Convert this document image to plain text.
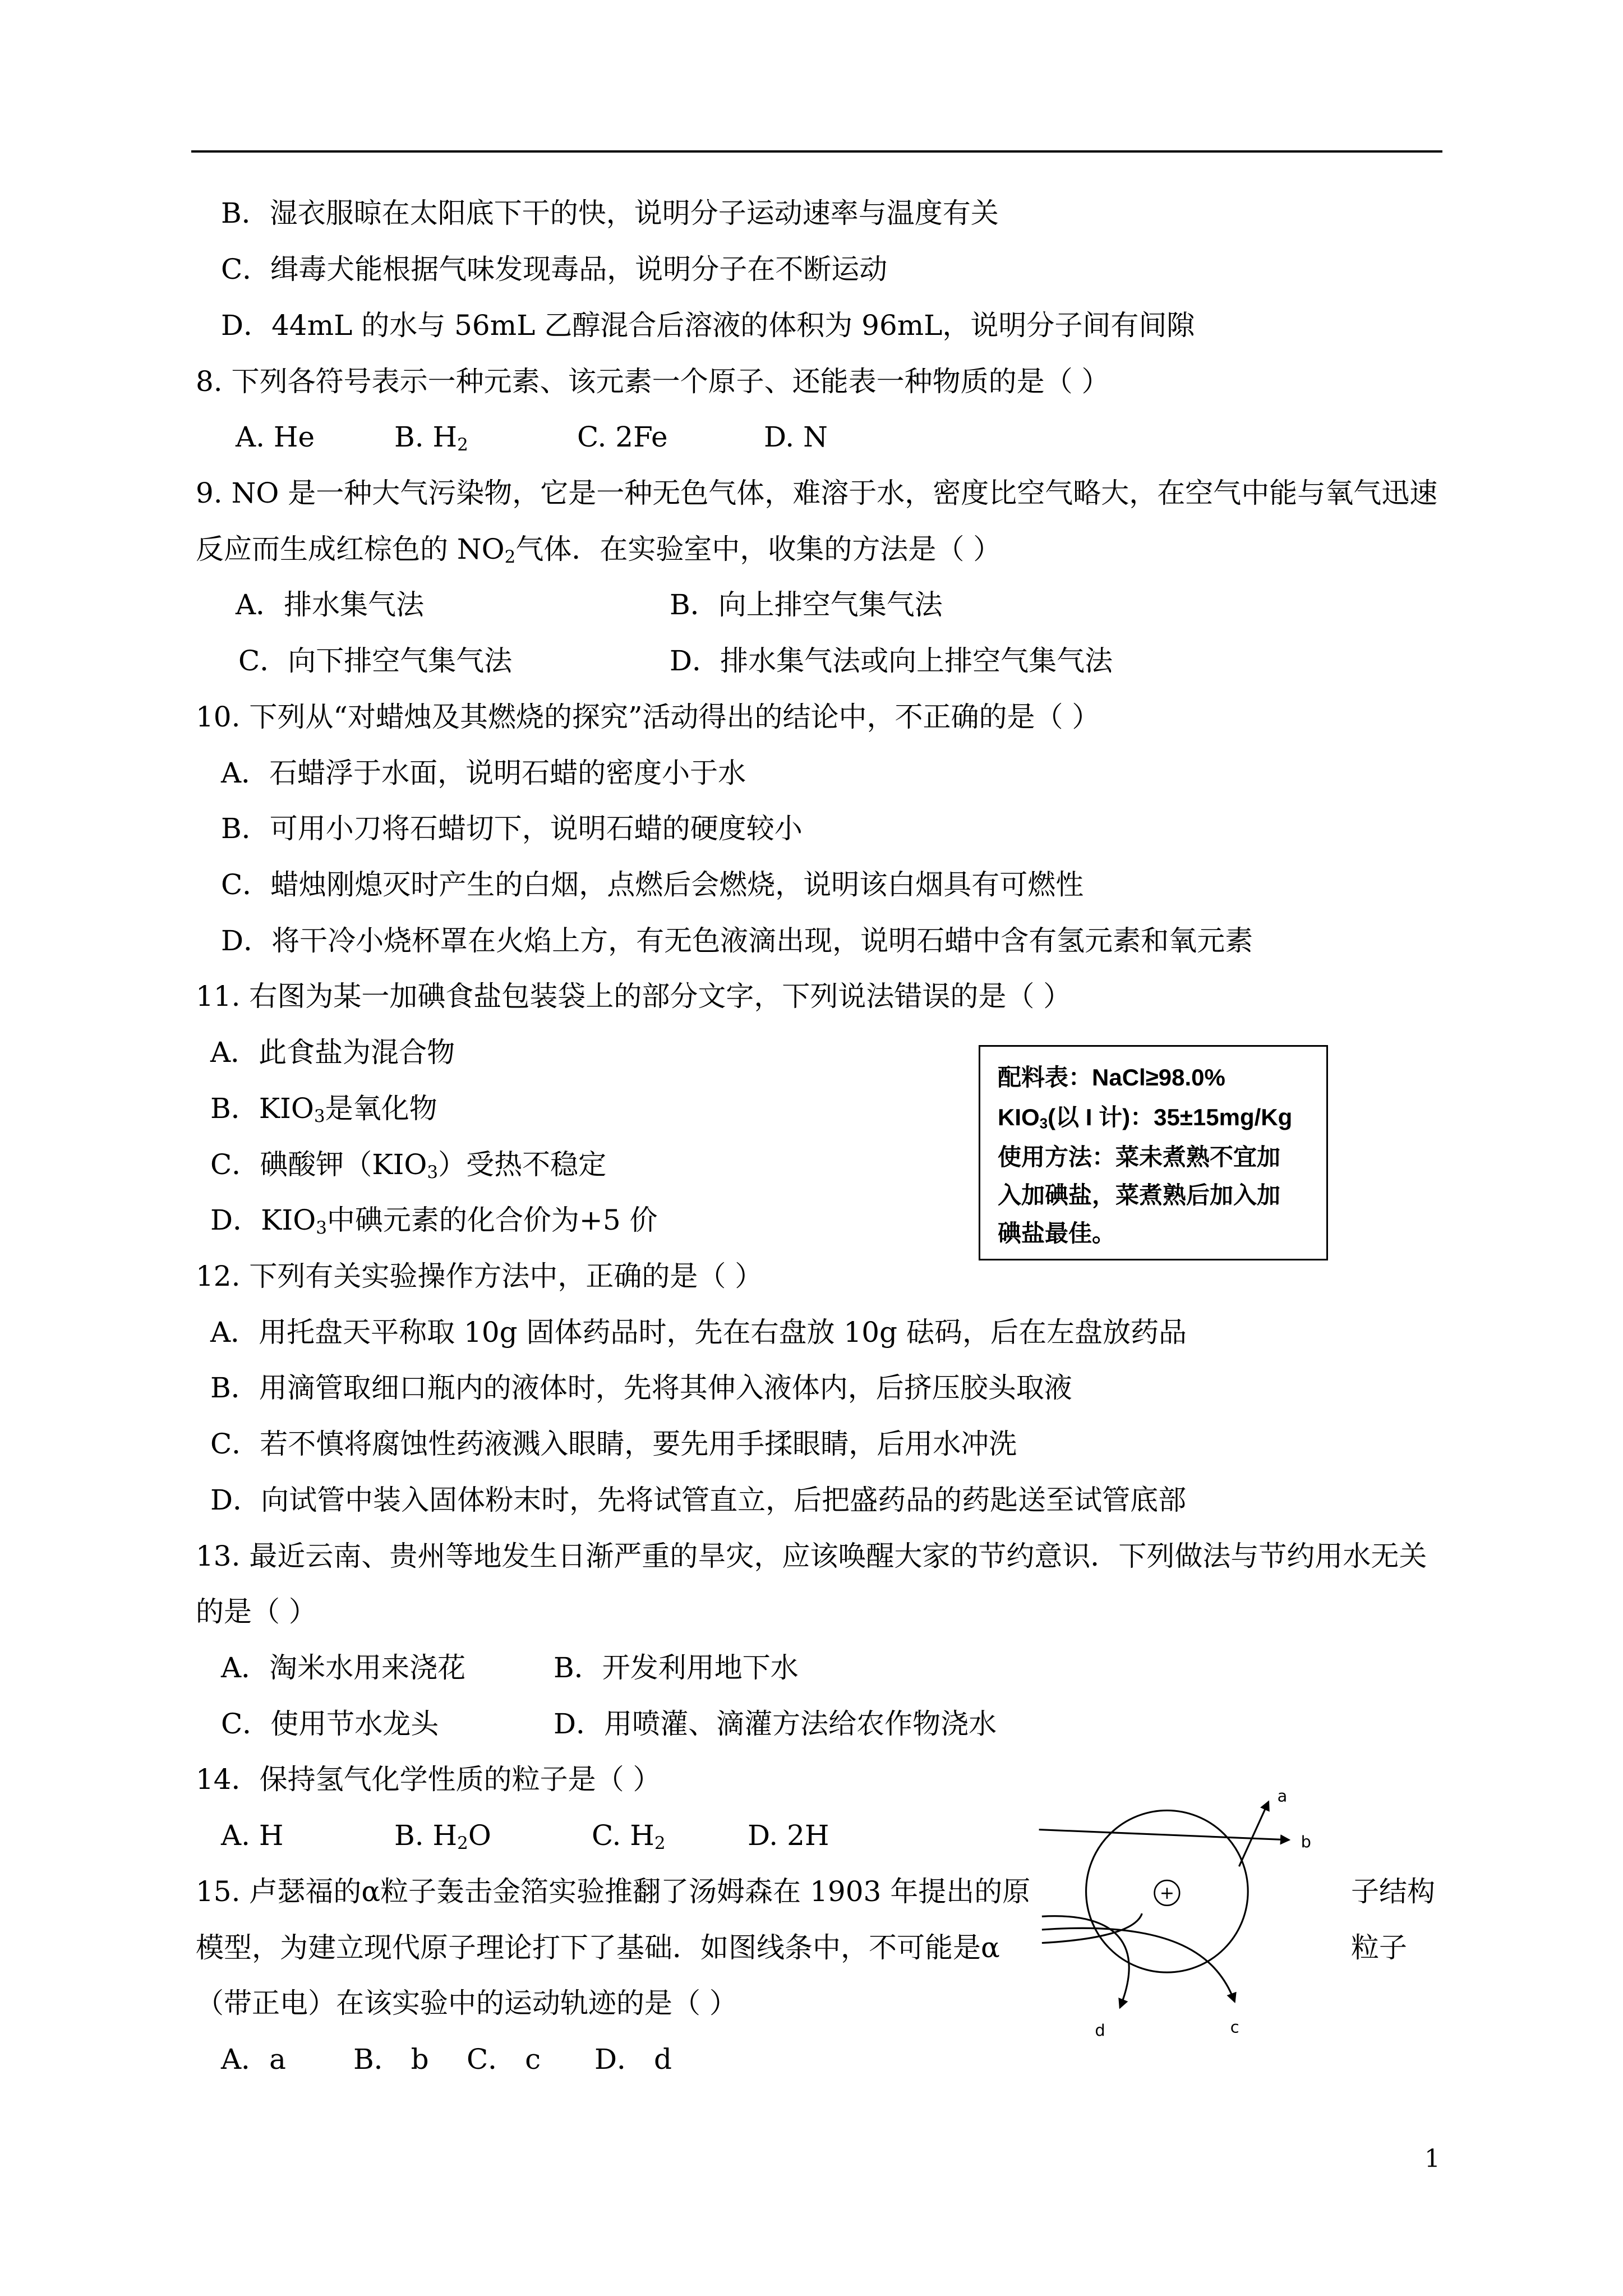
B．湿衣服晾在太阳底下干的快，说明分子运动速率与温度有关
C．缉毒犬能根据气味发现毒品，说明分子在不断运动
D．44mL 的水与 56mL 乙醇混合后溶液的体积为 96mL，说明分子间有间隙
8. 下列各符号表示一种元素、该元素一个原子、还能表一种物质的是（ ）
A. He	B. $H_2$	C. 2Fe	D. N
9. NO 是一种大气污染物，它是一种无色气体，难溶于水，密度比空气略大，在空气中能与氧气迅速
反应而生成红棕色的 $NO_2$气体．在实验室中，收集的方法是（ ）
A．排水集气法	B．向上排空气集气法
C．向下排空气集气法	D．排水集气法或向上排空气集气法
10. 下列从“对蜡烛及其燃烧的探究”活动得出的结论中，不正确的是（ ）
A．石蜡浮于水面，说明石蜡的密度小于水
B．可用小刀将石蜡切下，说明石蜡的硬度较小
C．蜡烛刚熄灭时产生的白烟，点燃后会燃烧，说明该白烟具有可燃性
D．将干冷小烧杯罩在火焰上方，有无色液滴出现，说明石蜡中含有氢元素和氧元素
11. 右图为某一加碘食盐包装袋上的部分文字，下列说法错误的是（ ）
A．此食盐为混合物
B．$KIO_3$是氧化物
C．碘酸钾$(KIO_3)$受热不稳定
D．$KIO_3$中碘元素的化合价为+5 价
配料表：NaCl≥98.0%
$KIO_3$(以 I 计)：35±15mg/Kg
使用方法：菜未煮熟不宜加
入加碘盐，菜煮熟后加入加
碘盐最佳。
12. 下列有关实验操作方法中，正确的是（ ）
A．用托盘天平称取 10g 固体药品时，先在右盘放 10g 砝码，后在左盘放药品
B．用滴管取细口瓶内的液体时，先将其伸入液体内，后挤压胶头取液
C．若不慎将腐蚀性药液溅入眼睛，要先用手揉眼睛，后用水冲洗
D．向试管中装入固体粉末时，先将试管直立，后把盛药品的药匙送至试管底部
13. 最近云南、贵州等地发生日渐严重的旱灾，应该唤醒大家的节约意识．下列做法与节约用水无关
的是（ ）
A．淘米水用来浇花	B．开发利用地下水
C．使用节水龙头	D．用喷灌、滴灌方法给农作物浇水
14．保持氢气化学性质的粒子是（ ）
A. H	B. $H_2O$	C. $H_2$	D. 2H
15. 卢瑟福的α粒子轰击金箔实验推翻了汤姆森在 1903 年提出的原	子结构
模型，为建立现代原子理论打下了基础．如图线条中，不可能是α	粒子
（带正电）在该实验中的运动轨迹的是（ ）
A．a B． b C． c D． d
+
a
b
c
d
1
